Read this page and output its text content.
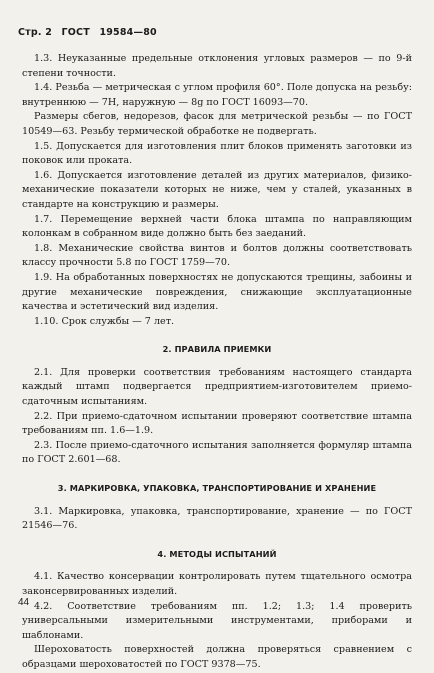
Стр. 2 ГОСТ 19584—80

1.3. Неуказанные предельные отклонения угловых размеров — по 9-й степени точности.

1.4. Резьба — метрическая с углом профиля 60°. Поле допуска на резьбу: внутреннюю — 7H, наружную — 8g по ГОСТ 16093—70.

Размеры сбегов, недорезов, фасок для метрической резьбы — по ГОСТ 10549—63. Резьбу термической обработке не подвергать.

1.5. Допускается для изготовления плит блоков применять заготовки из поковок или проката.

1.6. Допускается изготовление деталей из других материалов, физико-механические показатели которых не ниже, чем у сталей, указанных в стандарте на конструкцию и размеры.

1.7. Перемещение верхней части блока штампа по направляющим колонкам в собранном виде должно быть без заеданий.

1.8. Механические свойства винтов и болтов должны соответствовать классу прочности 5.8 по ГОСТ 1759—70.

1.9. На обработанных поверхностях не допускаются трещины, забоины и другие механические повреждения, снижающие эксплуатационные качества и эстетический вид изделия.

1.10. Срок службы — 7 лет.

2. ПРАВИЛА ПРИЕМКИ

2.1. Для проверки соответствия требованиям настоящего стандарта каждый штамп подвергается предприятием-изготовителем приемо-сдаточным испытаниям.

2.2. При приемо-сдаточном испытании проверяют соответствие штампа требованиям пп. 1.6—1.9.

2.3. После приемо-сдаточного испытания заполняется формуляр штампа по ГОСТ 2.601—68.

3. МАРКИРОВКА, УПАКОВКА, ТРАНСПОРТИРОВАНИЕ И ХРАНЕНИЕ

3.1. Маркировка, упаковка, транспортирование, хранение — по ГОСТ 21546—76.

4. МЕТОДЫ ИСПЫТАНИЙ

4.1. Качество консервации контролировать путем тщательного осмотра законсервированных изделий.

4.2. Соответствие требованиям пп. 1.2; 1.3; 1.4 проверить универсальными измерительными инструментами, приборами и шаблонами.

Шероховатость поверхностей должна проверяться сравнением с образцами шероховатостей по ГОСТ 9378—75.

44
